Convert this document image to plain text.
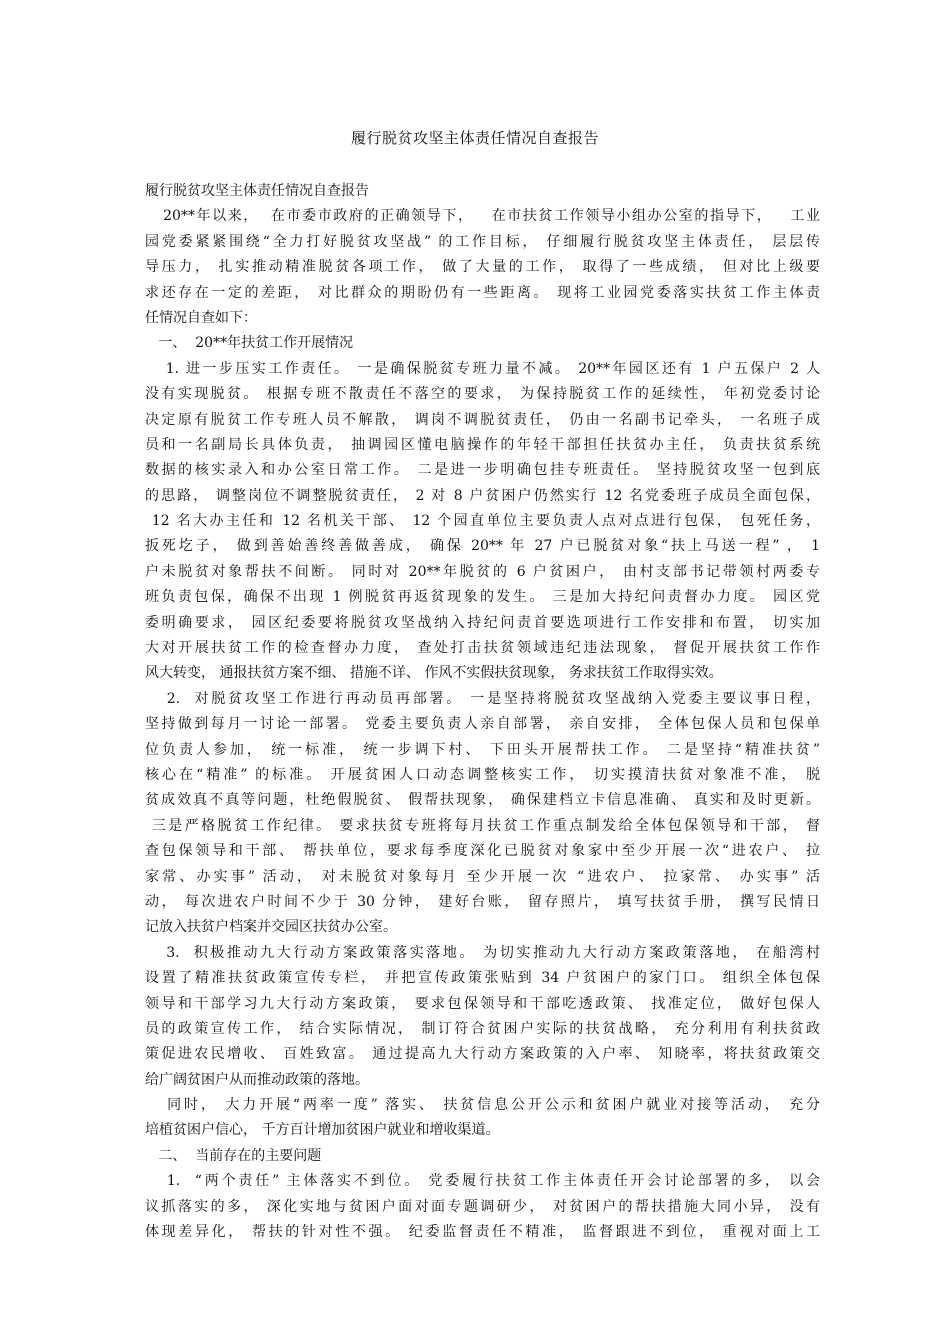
履行脱贫攻坚主体责任情况自查报告
履行脱贫攻坚主体责任情况自查报告
20**年以来，  在市委市政府的正确领导下，   在市扶贫工作领导小组办公室的指导下，   工业
园党委紧紧围绕“全力打好脱贫攻坚战” 的工作目标， 仔细履行脱贫攻坚主体责任， 层层传
导压力， 扎实推动精准脱贫各项工作， 做了大量的工作， 取得了一些成绩， 但对比上级要
求还存在一定的差距， 对比群众的期盼仍有一些距离。 现将工业园党委落实扶贫工作主体责
任情况自查如下：
一、  20**年扶贫工作开展情况
1. 进一步压实工作责任。 一是确保脱贫专班力量不减。 20**年园区还有 1 户五保户 2 人
没有实现脱贫。 根据专班不散责任不落空的要求， 为保持脱贫工作的延续性， 年初党委讨论
决定原有脱贫工作专班人员不解散， 调岗不调脱贫责任， 仍由一名副书记牵头， 一名班子成
员和一名副局长具体负责， 抽调园区懂电脑操作的年轻干部担任扶贫办主任， 负责扶贫系统
数据的核实录入和办公室日常工作。 二是进一步明确包挂专班责任。 坚持脱贫攻坚一包到底
的思路， 调整岗位不调整脱贫责任， 2 对 8 户贫困户仍然实行 12 名党委班子成员全面包保，
12 名大办主任和 12 名机关干部、 12 个园直单位主要负责人点对点进行包保， 包死任务，
扳死圪子， 做到善始善终善做善成， 确保 20** 年 27 户已脱贫对象“扶上马送一程” ， 1
户未脱贫对象帮扶不间断。 同时对 20**年脱贫的 6 户贫困户， 由村支部书记带领村两委专
班负责包保，确保不出现 1 例脱贫再返贫现象的发生。 三是加大持纪问责督办力度。 园区党
委明确要求， 园区纪委要将脱贫攻坚战纳入持纪问责首要选项进行工作安排和布置， 切实加
大对开展扶贫工作的检查督办力度， 查处打击扶贫领域违纪违法现象， 督促开展扶贫工作作
风大转变， 通报扶贫方案不细、 措施不详、 作风不实假扶贫现象， 务求扶贫工作取得实效。
2.  对脱贫攻坚工作进行再动员再部署。 一是坚持将脱贫攻坚战纳入党委主要议事日程，
坚持做到每月一讨论一部署。 党委主要负责人亲自部署， 亲自安排， 全体包保人员和包保单
位负责人参加， 统一标准， 统一步调下村、 下田头开展帮扶工作。 二是坚持“精准扶贫”
核心在“精准” 的标准。 开展贫困人口动态调整核实工作， 切实摸清扶贫对象准不准， 脱
贫成效真不真等问题，杜绝假脱贫、 假帮扶现象， 确保建档立卡信息准确、 真实和及时更新。
三是严格脱贫工作纪律。 要求扶贫专班将每月扶贫工作重点制发给全体包保领导和干部， 督
查包保领导和干部、 帮扶单位，要求每季度深化已脱贫对象家中至少开展一次“进农户、 拉
家常、办实事” 活动， 对未脱贫对象每月 至少开展一次 “进农户、 拉家常、 办实事” 活
动， 每次进农户时间不少于 30 分钟， 建好台账， 留存照片， 填写扶贫手册， 撰写民情日
记放入扶贫户档案并交园区扶贫办公室。
3.  积极推动九大行动方案政策落实落地。 为切实推动九大行动方案政策落地， 在船湾村
设置了精准扶贫政策宣传专栏， 并把宣传政策张贴到 34 户贫困户的家门口。 组织全体包保
领导和干部学习九大行动方案政策， 要求包保领导和干部吃透政策、 找准定位， 做好包保人
员的政策宣传工作， 结合实际情况， 制订符合贫困户实际的扶贫战略， 充分利用有利扶贫政
策促进农民增收、 百姓致富。 通过提高九大行动方案政策的入户率、 知晓率，将扶贫政策交
给广阔贫困户从而推动政策的落地。
同时， 大力开展“两率一度” 落实、 扶贫信息公开公示和贫困户就业对接等活动， 充分
培植贫困户信心， 千方百计增加贫困户就业和增收渠道。
二、  当前存在的主要问题
1.  “两个责任” 主体落实不到位。 党委履行扶贫工作主体责任开会讨论部署的多， 以会
议抓落实的多， 深化实地与贫困户面对面专题调研少， 对贫困户的帮扶措施大同小异， 没有
体现差异化， 帮扶的针对性不强。 纪委监督责任不精准， 监督跟进不到位， 重视对面上工
